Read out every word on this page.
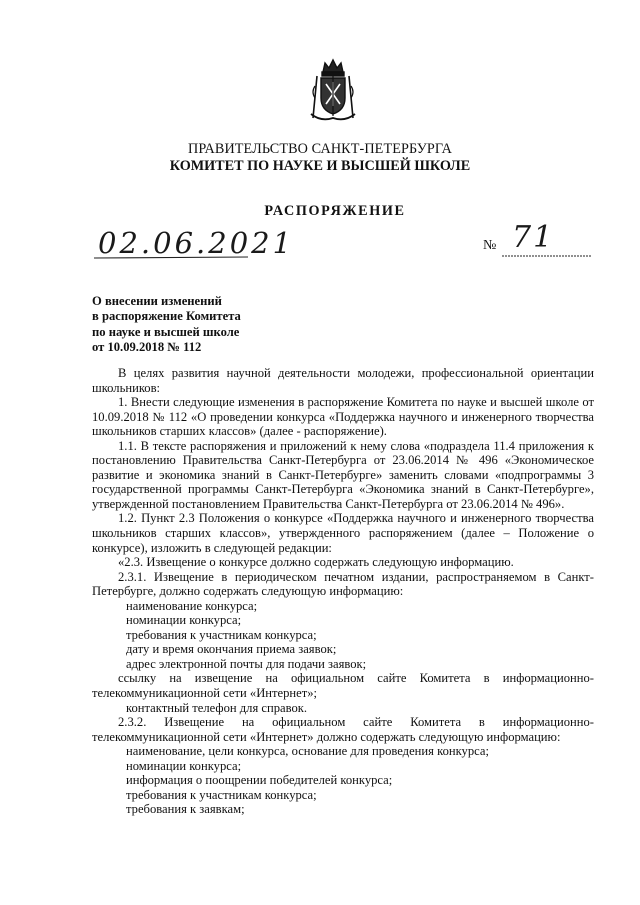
ПРАВИТЕЛЬСТВО САНКТ-ПЕТЕРБУРГА
КОМИТЕТ ПО НАУКЕ И ВЫСШЕЙ ШКОЛЕ
РАСПОРЯЖЕНИЕ
02.06.2021	№ 71
О внесении изменений
в распоряжение Комитета
по науке и высшей школе
от 10.09.2018 № 112

В целях развития научной деятельности молодежи, профессиональной ориентации школьников:

1. Внести следующие изменения в распоряжение Комитета по науке и высшей школе от 10.09.2018 № 112 «О проведении конкурса «Поддержка научного и инженерного творчества школьников старших классов» (далее - распоряжение).

1.1. В тексте распоряжения и приложений к нему слова «подраздела 11.4 приложения к постановлению Правительства Санкт-Петербурга от 23.06.2014 № 496 «Экономическое развитие и экономика знаний в Санкт-Петербурге» заменить словами «подпрограммы 3 государственной программы Санкт-Петербурга «Экономика знаний в Санкт-Петербурге», утвержденной постановлением Правительства Санкт-Петербурга от 23.06.2014 № 496».

1.2. Пункт 2.3 Положения о конкурсе «Поддержка научного и инженерного творчества школьников старших классов», утвержденного распоряжением (далее – Положение о конкурсе), изложить в следующей редакции:

«2.3. Извещение о конкурсе должно содержать следующую информацию.

2.3.1. Извещение в периодическом печатном издании, распространяемом в Санкт-Петербурге, должно содержать следующую информацию:

наименование конкурса;

номинации конкурса;

требования к участникам конкурса;

дату и время окончания приема заявок;

адрес электронной почты для подачи заявок;

ссылку на извещение на официальном сайте Комитета в информационно-телекоммуникационной сети «Интернет»;

контактный телефон для справок.

2.3.2. Извещение на официальном сайте Комитета в информационно-телекоммуникационной сети «Интернет» должно содержать следующую информацию:

наименование, цели конкурса, основание для проведения конкурса;

номинации конкурса;

информация о поощрении победителей конкурса;

требования к участникам конкурса;

требования к заявкам;
